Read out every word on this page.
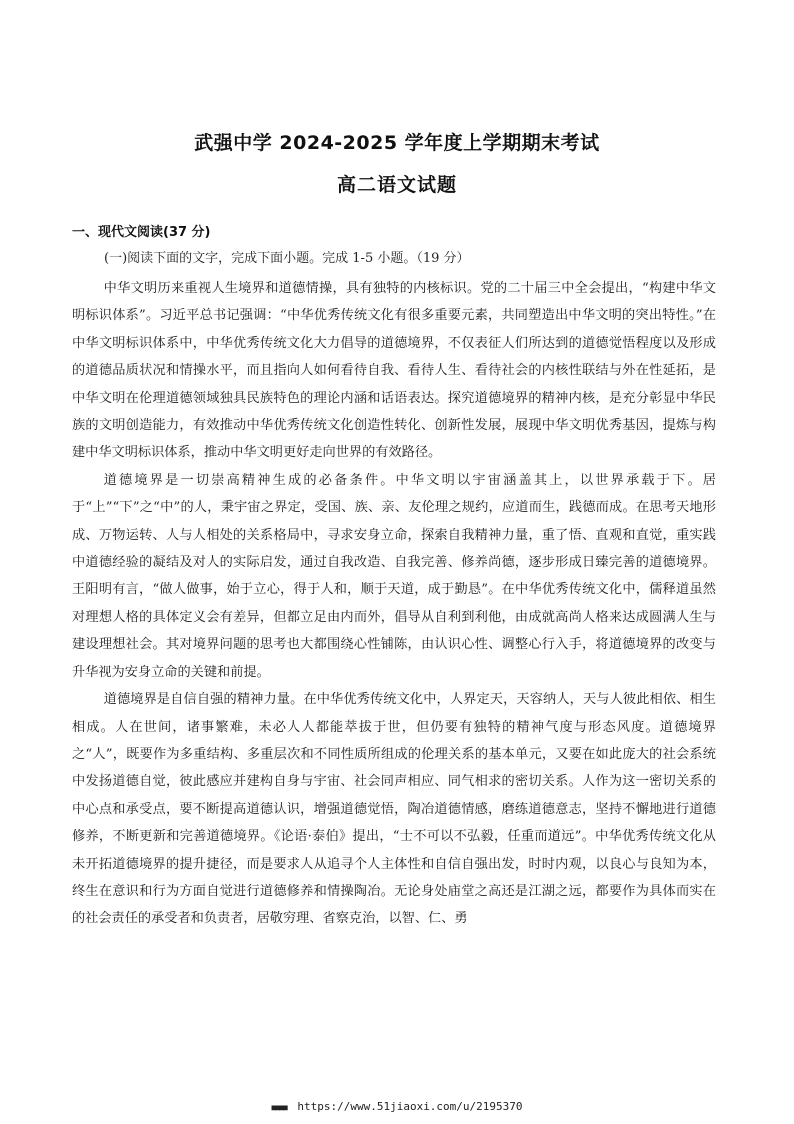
武强中学 2024-2025 学年度上学期期末考试
高二语文试题
一、现代文阅读(37 分)
(一)阅读下面的文字，完成下面小题。完成 1-5 小题。（19 分）

中华文明历来重视人生境界和道德情操，具有独特的内核标识。党的二十届三中全会提出，“构建中华文明标识体系”。习近平总书记强调：“中华优秀传统文化有很多重要元素，共同塑造出中华文明的突出特性。”在中华文明标识体系中，中华优秀传统文化大力倡导的道德境界，不仅表征人们所达到的道德觉悟程度以及形成的道德品质状况和情操水平，而且指向人如何看待自我、看待人生、看待社会的内核性联结与外在性延拓，是中华文明在伦理道德领域独具民族特色的理论内涵和话语表达。探究道德境界的精神内核，是充分彰显中华民族的文明创造能力，有效推动中华优秀传统文化创造性转化、创新性发展，展现中华文明优秀基因，提炼与构建中华文明标识体系，推动中华文明更好走向世界的有效路径。

道德境界是一切崇高精神生成的必备条件。中华文明以宇宙涵盖其上，以世界承载于下。居于“上”“下”之“中”的人，秉宇宙之界定，受国、族、亲、友伦理之规约，应道而生，践德而成。在思考天地形成、万物运转、人与人相处的关系格局中，寻求安身立命，探索自我精神力量，重了悟、直观和直觉，重实践中道德经验的凝结及对人的实际启发，通过自我改造、自我完善、修养尚德，逐步形成日臻完善的道德境界。王阳明有言，“做人做事，始于立心，得于人和，顺于天道，成于勤恳”。在中华优秀传统文化中，儒释道虽然对理想人格的具体定义会有差异，但都立足由内而外，倡导从自利到利他，由成就高尚人格来达成圆满人生与建设理想社会。其对境界问题的思考也大都围绕心性铺陈，由认识心性、调整心行入手，将道德境界的改变与升华视为安身立命的关键和前提。

道德境界是自信自强的精神力量。在中华优秀传统文化中，人界定天，天容纳人，天与人彼此相依、相生相成。人在世间，诸事繁难，未必人人都能萃拔于世，但仍要有独特的精神气度与形态风度。道德境界之“人”，既要作为多重结构、多重层次和不同性质所组成的伦理关系的基本单元，又要在如此庞大的社会系统中发扬道德自觉，彼此感应并建构自身与宇宙、社会同声相应、同气相求的密切关系。人作为这一密切关系的中心点和承受点，要不断提高道德认识，增强道德觉悟，陶冶道德情感，磨练道德意志，坚持不懈地进行道德修养，不断更新和完善道德境界。《论语·泰伯》提出，“士不可以不弘毅，任重而道远”。中华优秀传统文化从未开拓道德境界的提升捷径，而是要求人从追寻个人主体性和自信自强出发，时时内观，以良心与良知为本，终生在意识和行为方面自觉进行道德修养和情操陶冶。无论身处庙堂之高还是江湖之远，都要作为具体而实在的社会责任的承受者和负责者，居敬穷理、省察克治，以智、仁、勇

■■■■ https://www.51jiaoxi.com/u/2195370
